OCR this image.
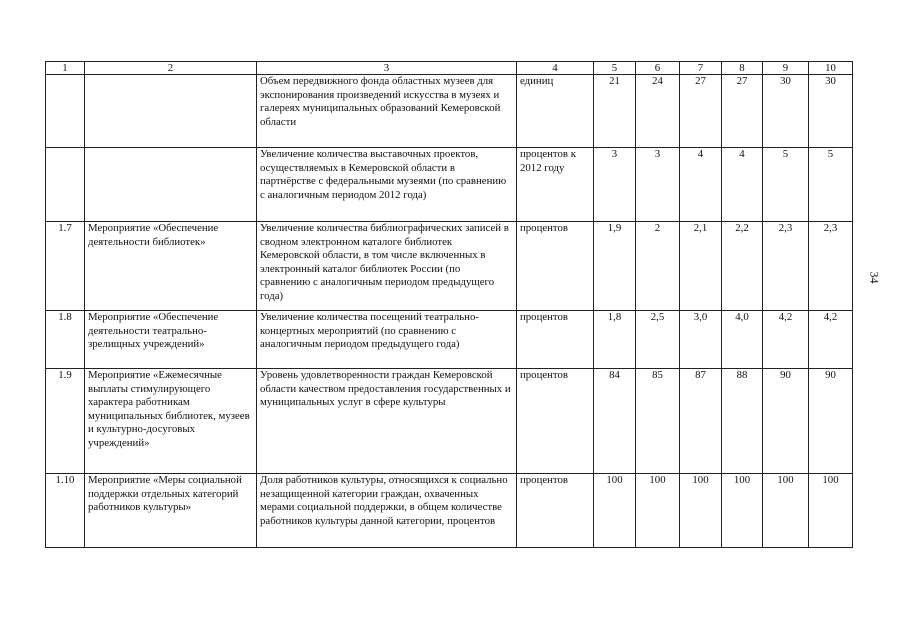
1	2	3	4	5	6	7	8	9	10
		Объем передвижного фонда областных музеев для экспонирования произведений искусства в музеях и галереях муниципальных образований Кемеровской области	единиц	21	24	27	27	30	30
		Увеличение количества выставочных проектов, осуществляемых в Кемеровской области в партнёрстве с федеральными музеями (по сравнению с аналогичным периодом 2012 года)	процентов к 2012 году	3	3	4	4	5	5
1.7	Мероприятие «Обеспечение деятельности библиотек»	Увеличение количества библиографических записей в сводном электронном каталоге библиотек Кемеровской области, в том числе включенных в электронный каталог библиотек России (по сравнению с аналогичным периодом предыдущего года)	процентов	1,9	2	2,1	2,2	2,3	2,3
1.8	Мероприятие «Обеспечение деятельности театрально-зрелищных учреждений»	Увеличение количества посещений театрально-концертных мероприятий (по сравнению с аналогичным периодом предыдущего года)	процентов	1,8	2,5	3,0	4,0	4,2	4,2
1.9	Мероприятие «Ежемесячные выплаты стимулирующего характера работникам муниципальных библиотек, музеев и культурно-досуговых учреждений»	Уровень удовлетворенности граждан Кемеровской области качеством предоставления государственных и муниципальных услуг в сфере культуры	процентов	84	85	87	88	90	90
1.10	Мероприятие «Меры социальной поддержки отдельных категорий работников культуры»	Доля работников культуры, относящихся к социально незащищенной категории граждан, охваченных мерами социальной поддержки, в общем количестве работников культуры данной категории, процентов	процентов	100	100	100	100	100	100
34
